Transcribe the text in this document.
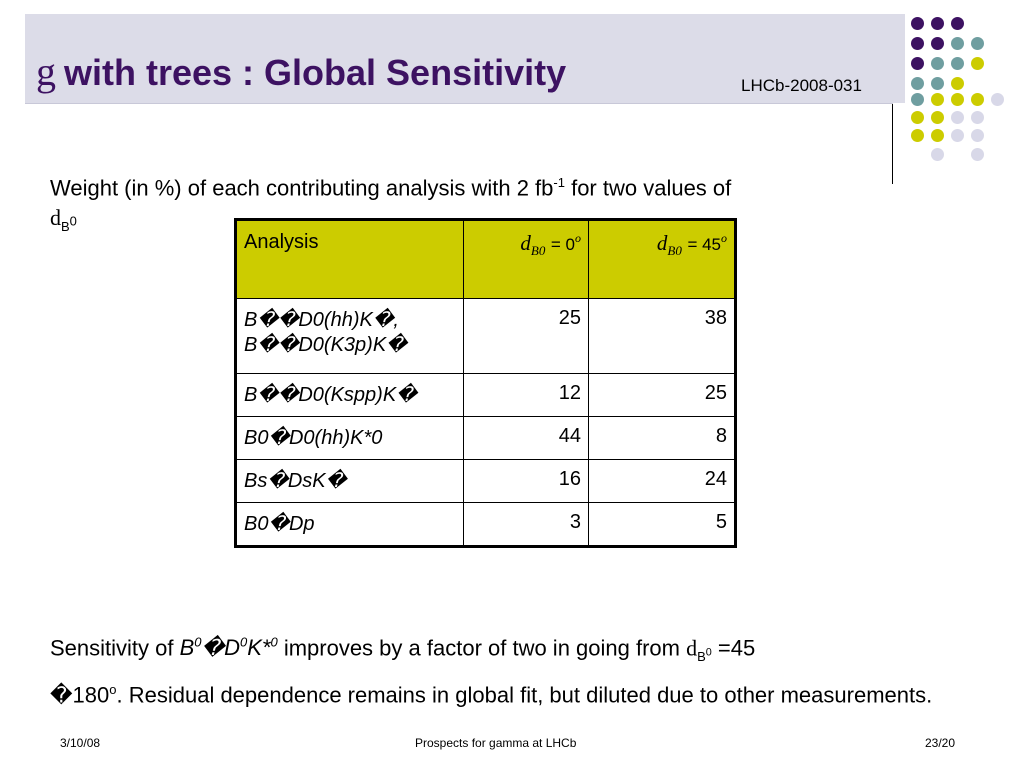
g with trees : Global Sensitivity	LHCb-2008-031
Weight (in %) of each contributing analysis with 2 $fb^{-1}$ for two values of
$d_{B^0}$
Analysis	$d_{B0} = 0^o$	$d_{B0} = 45^o$
B��D0(hh)K�,
B��D0(K3p)K�	25	38
B��D0(Kspp)K�	12	25
B0�D0(hh)K*0	44	8
Bs�DsK�	16	24
B0�Dp	3	5
Sensitivity of $B^0�D^0K*^0$ improves by a factor of two in going from $d_{B^0} =45$
�180$^o$. Residual dependence remains in global fit, but diluted due to other measurements.
3/10/08	Prospects for gamma at LHCb	23/20
